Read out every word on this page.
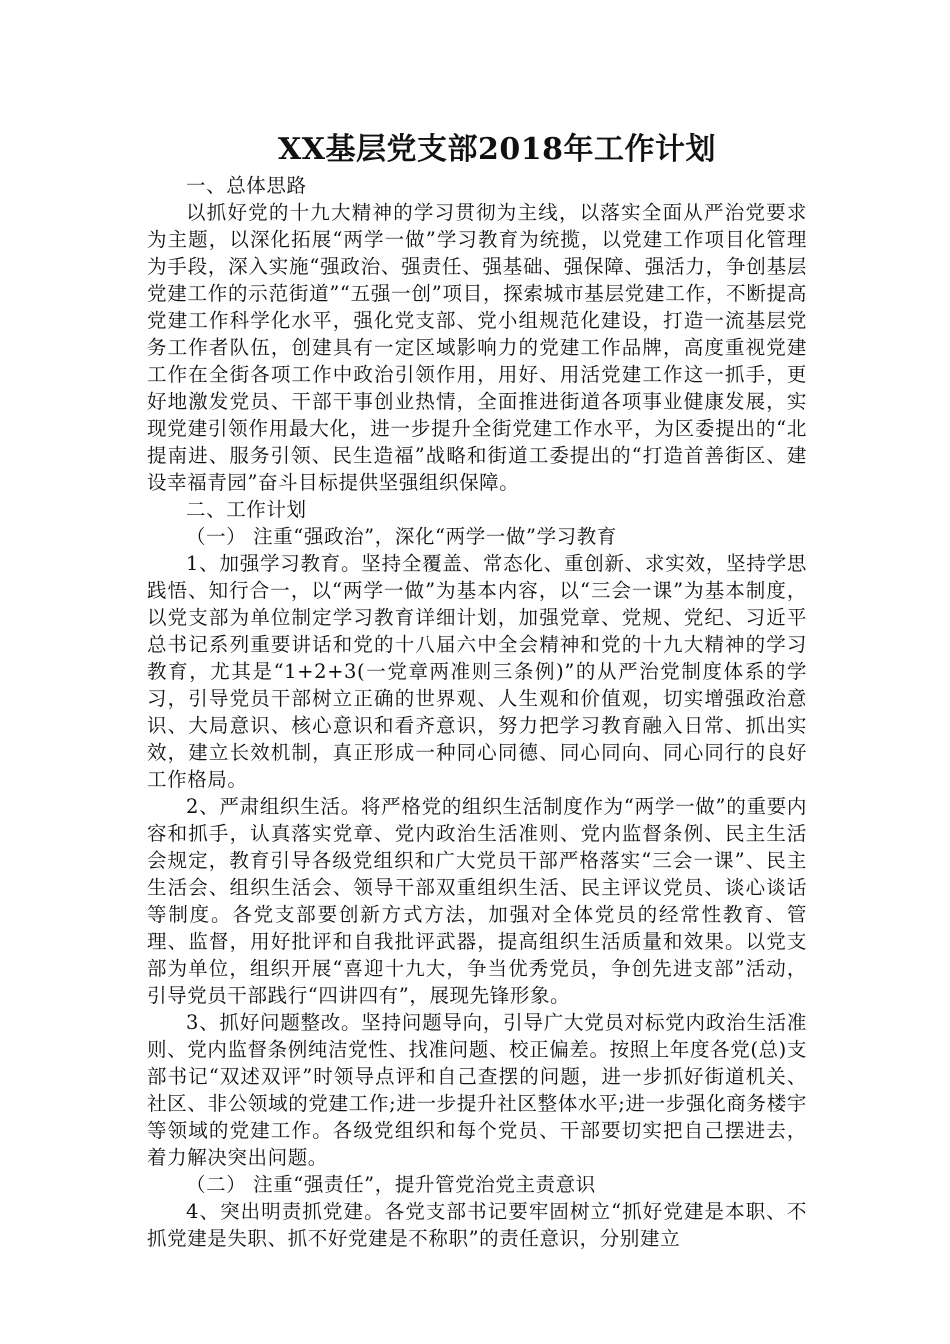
XX基层党支部2018年工作计划

一、总体思路

以抓好党的十九大精神的学习贯彻为主线，以落实全面从严治党要求为主题，以深化拓展“两学一做”学习教育为统揽，以党建工作项目化管理为手段，深入实施“强政治、强责任、强基础、强保障、强活力，争创基层党建工作的示范街道”“五强一创”项目，探索城市基层党建工作，不断提高党建工作科学化水平，强化党支部、党小组规范化建设，打造一流基层党务工作者队伍，创建具有一定区域影响力的党建工作品牌，高度重视党建工作在全街各项工作中政治引领作用，用好、用活党建工作这一抓手，更好地激发党员、干部干事创业热情，全面推进街道各项事业健康发展，实现党建引领作用最大化，进一步提升全街党建工作水平，为区委提出的“北提南进、服务引领、民生造福”战略和街道工委提出的“打造首善街区、建设幸福青园”奋斗目标提供坚强组织保障。

二、工作计划

（一） 注重“强政治”，深化“两学一做”学习教育

1、加强学习教育。坚持全覆盖、常态化、重创新、求实效，坚持学思践悟、知行合一，以“两学一做”为基本内容，以“三会一课”为基本制度，以党支部为单位制定学习教育详细计划，加强党章、党规、党纪、习近平总书记系列重要讲话和党的十八届六中全会精神和党的十九大精神的学习教育，尤其是“1+2+3(一党章两准则三条例)”的从严治党制度体系的学习，引导党员干部树立正确的世界观、人生观和价值观，切实增强政治意识、大局意识、核心意识和看齐意识，努力把学习教育融入日常、抓出实效，建立长效机制，真正形成一种同心同德、同心同向、同心同行的良好工作格局。

2、严肃组织生活。将严格党的组织生活制度作为“两学一做”的重要内容和抓手，认真落实党章、党内政治生活准则、党内监督条例、民主生活会规定，教育引导各级党组织和广大党员干部严格落实“三会一课”、民主生活会、组织生活会、领导干部双重组织生活、民主评议党员、谈心谈话等制度。各党支部要创新方式方法，加强对全体党员的经常性教育、管理、监督，用好批评和自我批评武器，提高组织生活质量和效果。以党支部为单位，组织开展“喜迎十九大，争当优秀党员，争创先进支部”活动，引导党员干部践行“四讲四有”，展现先锋形象。

3、抓好问题整改。坚持问题导向，引导广大党员对标党内政治生活准则、党内监督条例纯洁党性、找准问题、校正偏差。按照上年度各党(总)支部书记“双述双评”时领导点评和自己查摆的问题，进一步抓好街道机关、社区、非公领域的党建工作;进一步提升社区整体水平;进一步强化商务楼宇等领域的党建工作。各级党组织和每个党员、干部要切实把自己摆进去，着力解决突出问题。

（二） 注重“强责任”，提升管党治党主责意识

4、突出明责抓党建。各党支部书记要牢固树立“抓好党建是本职、不抓党建是失职、抓不好党建是不称职”的责任意识，分别建立
